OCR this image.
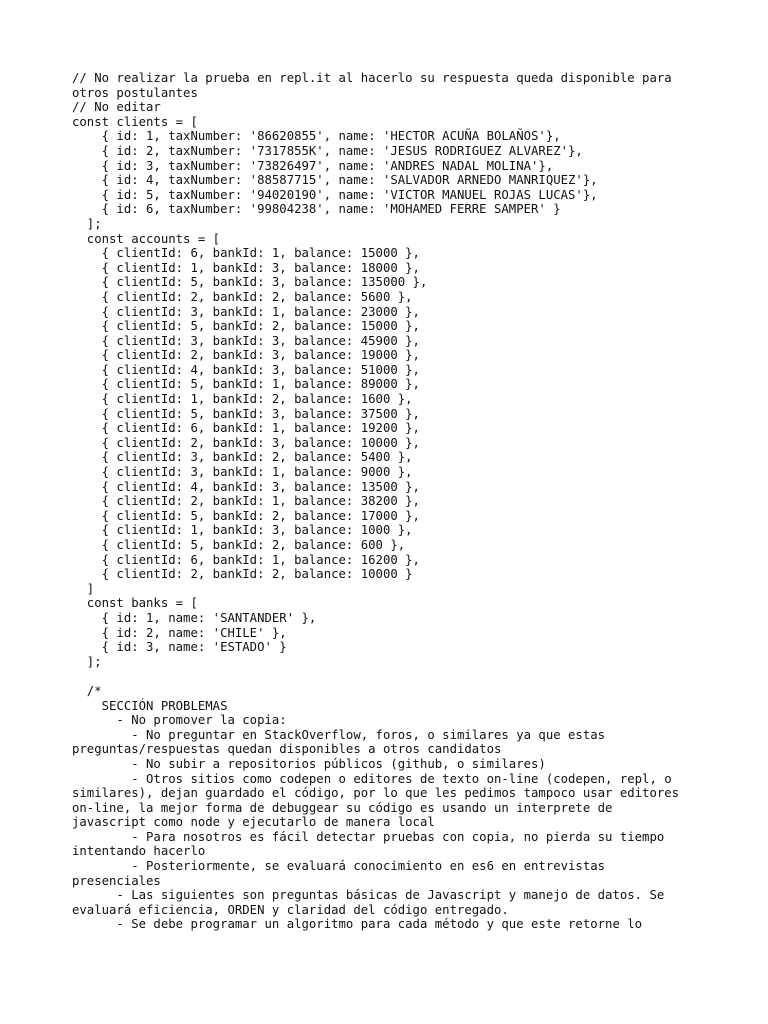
// No realizar la prueba en repl.it al hacerlo su respuesta queda disponible para
otros postulantes
// No editar
const clients = [
{ id: 1, taxNumber: '86620855', name: 'HECTOR ACUÑA BOLAÑOS'},
{ id: 2, taxNumber: '7317855K', name: 'JESUS RODRIGUEZ ALVAREZ'},
{ id: 3, taxNumber: '73826497', name: 'ANDRES NADAL MOLINA'},
{ id: 4, taxNumber: '88587715', name: 'SALVADOR ARNEDO MANRIQUEZ'},
{ id: 5, taxNumber: '94020190', name: 'VICTOR MANUEL ROJAS LUCAS'},
{ id: 6, taxNumber: '99804238', name: 'MOHAMED FERRE SAMPER' }
];
const accounts = [
{ clientId: 6, bankId: 1, balance: 15000 },
{ clientId: 1, bankId: 3, balance: 18000 },
{ clientId: 5, bankId: 3, balance: 135000 },
{ clientId: 2, bankId: 2, balance: 5600 },
{ clientId: 3, bankId: 1, balance: 23000 },
{ clientId: 5, bankId: 2, balance: 15000 },
{ clientId: 3, bankId: 3, balance: 45900 },
{ clientId: 2, bankId: 3, balance: 19000 },
{ clientId: 4, bankId: 3, balance: 51000 },
{ clientId: 5, bankId: 1, balance: 89000 },
{ clientId: 1, bankId: 2, balance: 1600 },
{ clientId: 5, bankId: 3, balance: 37500 },
{ clientId: 6, bankId: 1, balance: 19200 },
{ clientId: 2, bankId: 3, balance: 10000 },
{ clientId: 3, bankId: 2, balance: 5400 },
{ clientId: 3, bankId: 1, balance: 9000 },
{ clientId: 4, bankId: 3, balance: 13500 },
{ clientId: 2, bankId: 1, balance: 38200 },
{ clientId: 5, bankId: 2, balance: 17000 },
{ clientId: 1, bankId: 3, balance: 1000 },
{ clientId: 5, bankId: 2, balance: 600 },
{ clientId: 6, bankId: 1, balance: 16200 },
{ clientId: 2, bankId: 2, balance: 10000 }
]
const banks = [
{ id: 1, name: 'SANTANDER' },
{ id: 2, name: 'CHILE' },
{ id: 3, name: 'ESTADO' }
];
/*
SECCIÓN PROBLEMAS
- No promover la copia:
- No preguntar en StackOverflow, foros, o similares ya que estas
preguntas/respuestas quedan disponibles a otros candidatos
- No subir a repositorios públicos (github, o similares)
- Otros sitios como codepen o editores de texto on-line (codepen, repl, o
similares), dejan guardado el código, por lo que les pedimos tampoco usar editores
on-line, la mejor forma de debuggear su código es usando un interprete de
javascript como node y ejecutarlo de manera local
- Para nosotros es fácil detectar pruebas con copia, no pierda su tiempo
intentando hacerlo
- Posteriormente, se evaluará conocimiento en es6 en entrevistas
presenciales
- Las siguientes son preguntas básicas de Javascript y manejo de datos. Se
evaluará eficiencia, ORDEN y claridad del código entregado.
- Se debe programar un algoritmo para cada método y que este retorne lo
